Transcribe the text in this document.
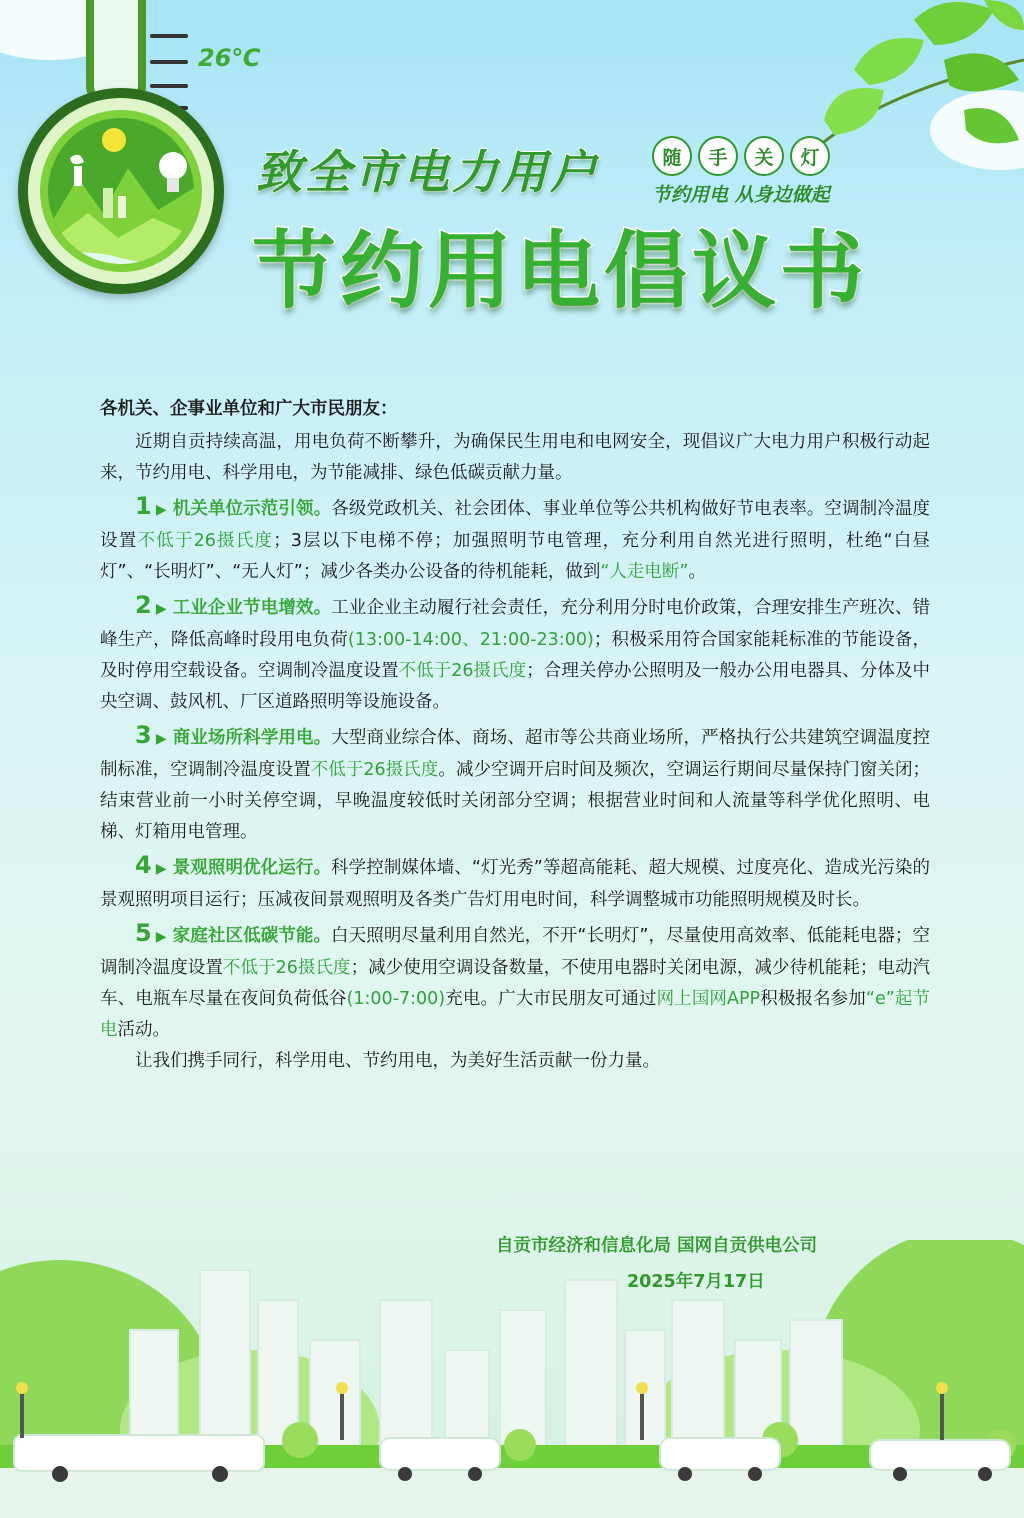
26℃
致全市电力用户
节约用电倡议书
随	手	关	灯
节约用电 从身边做起

各机关、企事业单位和广大市民朋友：

近期自贡持续高温，用电负荷不断攀升，为确保民生用电和电网安全，现倡议广大电力用户积极行动起来，节约用电、科学用电，为节能减排、绿色低碳贡献力量。

1 ▶ 机关单位示范引领。各级党政机关、社会团体、事业单位等公共机构做好节电表率。空调制冷温度设置不低于26摄氏度；3层以下电梯不停；加强照明节电管理，充分利用自然光进行照明，杜绝“白昼灯”、“长明灯”、“无人灯”；减少各类办公设备的待机能耗，做到“人走电断”。

2 ▶ 工业企业节电增效。工业企业主动履行社会责任，充分利用分时电价政策，合理安排生产班次、错峰生产，降低高峰时段用电负荷(13:00-14:00、21:00-23:00)；积极采用符合国家能耗标准的节能设备，及时停用空载设备。空调制冷温度设置不低于26摄氏度；合理关停办公照明及一般办公用电器具、分体及中央空调、鼓风机、厂区道路照明等设施设备。

3 ▶ 商业场所科学用电。大型商业综合体、商场、超市等公共商业场所，严格执行公共建筑空调温度控制标准，空调制冷温度设置不低于26摄氏度。减少空调开启时间及频次，空调运行期间尽量保持门窗关闭；结束营业前一小时关停空调，早晚温度较低时关闭部分空调；根据营业时间和人流量等科学优化照明、电梯、灯箱用电管理。

4 ▶ 景观照明优化运行。科学控制媒体墙、“灯光秀”等超高能耗、超大规模、过度亮化、造成光污染的景观照明项目运行；压减夜间景观照明及各类广告灯用电时间，科学调整城市功能照明规模及时长。

5 ▶ 家庭社区低碳节能。白天照明尽量利用自然光，不开“长明灯”，尽量使用高效率、低能耗电器；空调制冷温度设置不低于26摄氏度；减少使用空调设备数量，不使用电器时关闭电源，减少待机能耗；电动汽车、电瓶车尽量在夜间负荷低谷(1:00-7:00)充电。广大市民朋友可通过网上国网APP积极报名参加“e”起节电活动。

让我们携手同行，科学用电、节约用电，为美好生活贡献一份力量。

自贡市经济和信息化局 国网自贡供电公司
2025年7月17日
